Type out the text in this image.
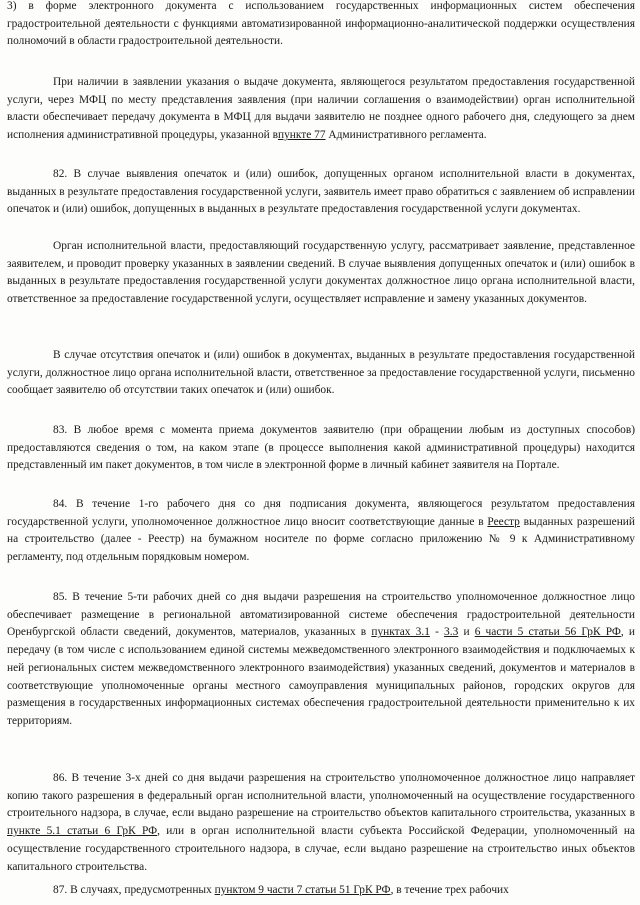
3) в форме электронного документа с использованием государственных информационных систем обеспечения градостроительной деятельности с функциями автоматизированной информационно-аналитической поддержки осуществления полномочий в области градостроительной деятельности.

При наличии в заявлении указания о выдаче документа, являющегося результатом предоставления государственной услуги, через МФЦ по месту представления заявления (при наличии соглашения о взаимодействии) орган исполнительной власти обеспечивает передачу документа в МФЦ для выдачи заявителю не позднее одного рабочего дня, следующего за днем исполнения административной процедуры, указанной впункте 77 Административного регламента.

82. В случае выявления опечаток и (или) ошибок, допущенных органом исполнительной власти в документах, выданных в результате предоставления государственной услуги, заявитель имеет право обратиться с заявлением об исправлении опечаток и (или) ошибок, допущенных в выданных в результате предоставления государственной услуги документах.

Орган исполнительной власти, предоставляющий государственную услугу, рассматривает заявление, представленное заявителем, и проводит проверку указанных в заявлении сведений. В случае выявления допущенных опечаток и (или) ошибок в выданных в результате предоставления государственной услуги документах должностное лицо органа исполнительной власти, ответственное за предоставление государственной услуги, осуществляет исправление и замену указанных документов.

В случае отсутствия опечаток и (или) ошибок в документах, выданных в результате предоставления государственной услуги, должностное лицо органа исполнительной власти, ответственное за предоставление государственной услуги, письменно сообщает заявителю об отсутствии таких опечаток и (или) ошибок.

83. В любое время с момента приема документов заявителю (при обращении любым из доступных способов) предоставляются сведения о том, на каком этапе (в процессе выполнения какой административной процедуры) находится представленный им пакет документов, в том числе в электронной форме в личный кабинет заявителя на Портале.

84. В течение 1-го рабочего дня со дня подписания документа, являющегося результатом предоставления государственной услуги, уполномоченное должностное лицо вносит соответствующие данные в Реестр выданных разрешений на строительство (далее - Реестр) на бумажном носителе по форме согласно приложению № 9 к Административному регламенту, под отдельным порядковым номером.

85. В течение 5-ти рабочих дней со дня выдачи разрешения на строительство уполномоченное должностное лицо обеспечивает размещение в региональной автоматизированной системе обеспечения градостроительной деятельности Оренбургской области сведений, документов, материалов, указанных в пунктах 3.1 - 3.3 и 6 части 5 статьи 56 ГрК РФ, и передачу (в том числе с использованием единой системы межведомственного электронного взаимодействия и подключаемых к ней региональных систем межведомственного электронного взаимодействия) указанных сведений, документов и материалов в соответствующие уполномоченные органы местного самоуправления муниципальных районов, городских округов для размещения в государственных информационных системах обеспечения градостроительной деятельности применительно к их территориям.

86. В течение 3-х дней со дня выдачи разрешения на строительство уполномоченное должностное лицо направляет копию такого разрешения в федеральный орган исполнительной власти, уполномоченный на осуществление государственного строительного надзора, в случае, если выдано разрешение на строительство объектов капитального строительства, указанных в пункте 5.1 статьи 6 ГрК РФ, или в орган исполнительной власти субъекта Российской Федерации, уполномоченный на осуществление государственного строительного надзора, в случае, если выдано разрешение на строительство иных объектов капитального строительства.

87. В случаях, предусмотренных пунктом 9 части 7 статьи 51 ГрК РФ, в течение трех рабочих
